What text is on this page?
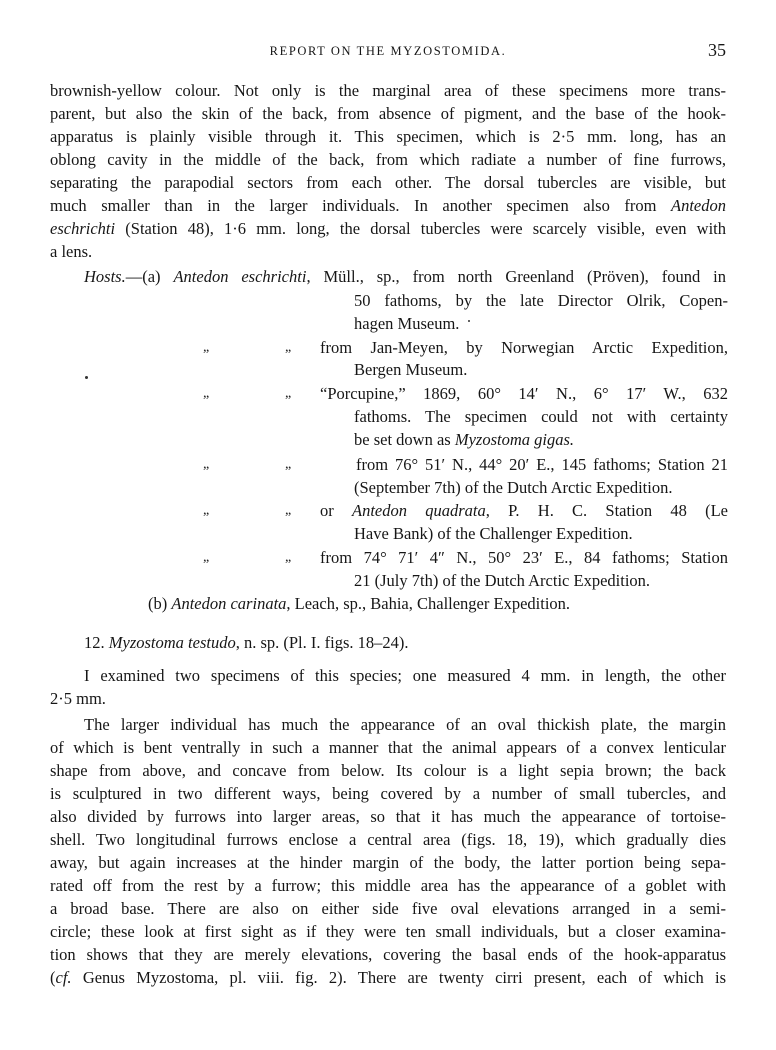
REPORT ON THE MYZOSTOMIDA.	35
brownish-yellow colour. Not only is the marginal area of these specimens more trans-
parent, but also the skin of the back, from absence of pigment, and the base of the hook-
apparatus is plainly visible through it. This specimen, which is 2·5 mm. long, has an
oblong cavity in the middle of the back, from which radiate a number of fine furrows,
separating the parapodial sectors from each other. The dorsal tubercles are visible, but
much smaller than in the larger individuals. In another specimen also from Antedon
eschrichti (Station 48), 1·6 mm. long, the dorsal tubercles were scarcely visible, even with
a lens.
Hosts.—(a) Antedon eschrichti, Müll., sp., from north Greenland (Pröven), found in
50 fathoms, by the late Director Olrik, Copen-
hagen Museum.
„	„ from Jan-Meyen, by Norwegian Arctic Expedition,
Bergen Museum.
„	„ “Porcupine,” 1869, 60° 14′ N., 6° 17′ W., 632
fathoms. The specimen could not with certainty
be set down as Myzostoma gigas.
„	„	from 76° 51′ N., 44° 20′ E., 145 fathoms; Station 21
(September 7th) of the Dutch Arctic Expedition.
„	„ or Antedon quadrata, P. H. C. Station 48 (Le
Have Bank) of the Challenger Expedition.
„	„ from 74° 71′ 4″ N., 50° 23′ E., 84 fathoms; Station
21 (July 7th) of the Dutch Arctic Expedition.
(b) Antedon carinata, Leach, sp., Bahia, Challenger Expedition.
12. Myzostoma testudo, n. sp. (Pl. I. figs. 18–24).
I examined two specimens of this species; one measured 4 mm. in length, the other
2·5 mm.
The larger individual has much the appearance of an oval thickish plate, the margin
of which is bent ventrally in such a manner that the animal appears of a convex lenticular
shape from above, and concave from below. Its colour is a light sepia brown; the back
is sculptured in two different ways, being covered by a number of small tubercles, and
also divided by furrows into larger areas, so that it has much the appearance of tortoise-
shell. Two longitudinal furrows enclose a central area (figs. 18, 19), which gradually dies
away, but again increases at the hinder margin of the body, the latter portion being sepa-
rated off from the rest by a furrow; this middle area has the appearance of a goblet with
a broad base. There are also on either side five oval elevations arranged in a semi-
circle; these look at first sight as if they were ten small individuals, but a closer examina-
tion shows that they are merely elevations, covering the basal ends of the hook-apparatus
(cf. Genus Myzostoma, pl. viii. fig. 2). There are twenty cirri present, each of which is
